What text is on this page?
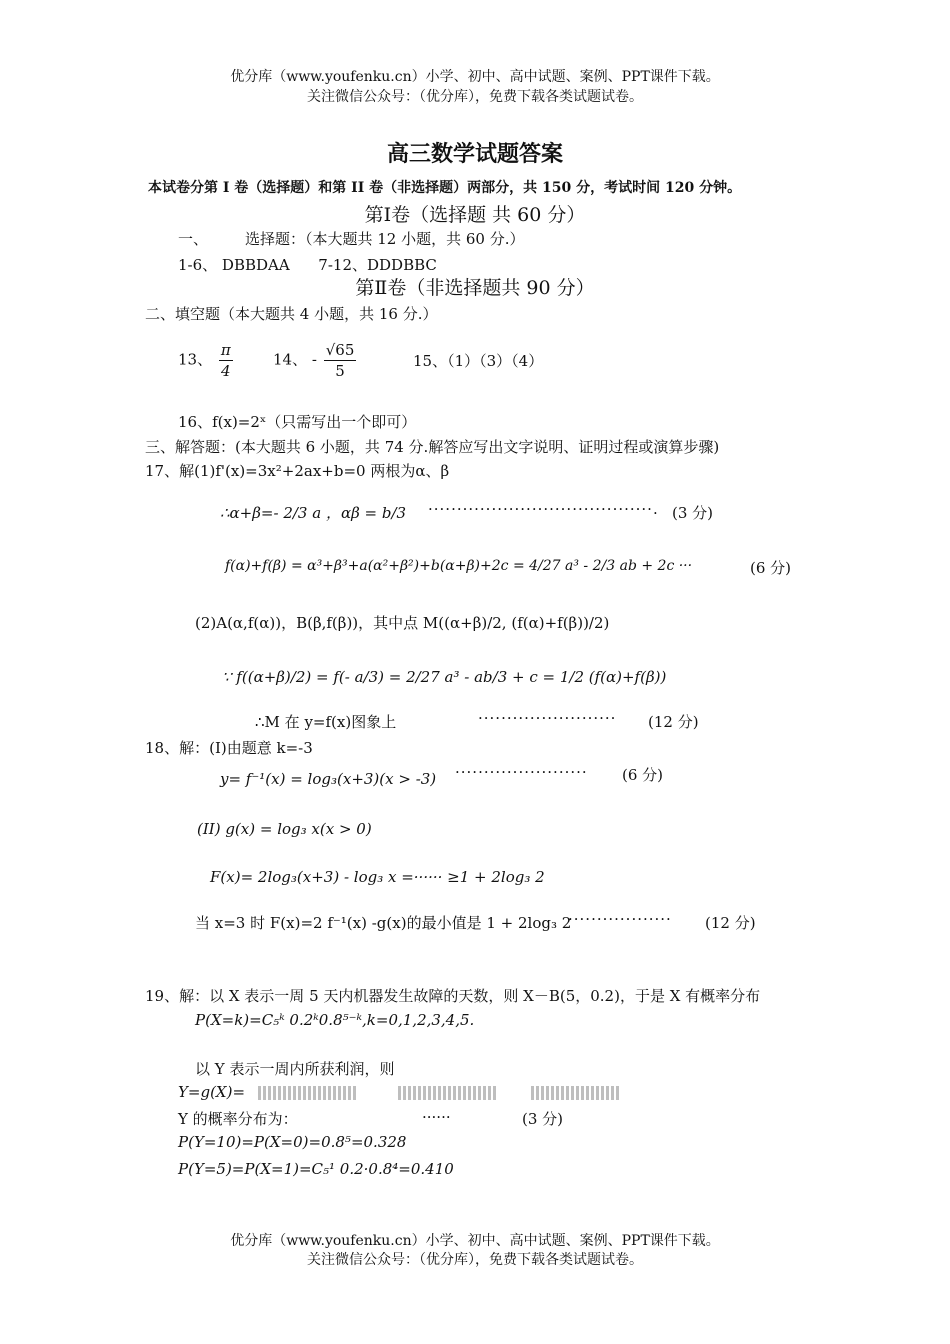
优分库（www.youfenku.cn）小学、初中、高中试题、案例、PPT课件下载。
关注微信公众号：（优分库），免费下载各类试题试卷。
高三数学试题答案
本试卷分第 I 卷（选择题）和第 II 卷（非选择题）两部分，共 150 分，考试时间 120 分钟。
第Ⅰ卷（选择题 共 60 分）
一、 选择题：（本大题共 12 小题，共 60 分.）
1-6、 DBBDAA      7-12、DDDBBC
第Ⅱ卷（非选择题共 90 分）
二、填空题（本大题共 4 小题，共 16 分.）
13、 $\frac{\pi}{4}$	14、 - $\frac{√65}{5}$	15、（1）（3）（4）
16、f(x)=2ˣ（只需写出一个即可）
三、解答题：(本大题共 6 小题，共 74 分.解答应写出文字说明、证明过程或演算步骤)
17、解(1)f'(x)=3x²+2ax+b=0 两根为α、β
∴α+β=- 2/3 a ，αβ = b/3 ·······································. (3 分)
f(α)+f(β) = α³+β³+a(α²+β²)+b(α+β)+2c = 4/27 a³ - 2/3 ab + 2c ···	(6 分)
(2)A(α,f(α))，B(β,f(β))，其中点 M((α+β)/2, (f(α)+f(β))/2)
∵ f((α+β)/2) = f(- a/3) = 2/27 a³ - ab/3 + c = 1/2 (f(α)+f(β))
∴M 在 y=f(x)图象上	························ (12 分)
18、解：(I)由题意 k=-3
y= f⁻¹(x) = log₃(x+3)(x > -3) ······················· (6 分)
(II) g(x) = log₃ x(x > 0)
F(x)= 2log₃(x+3) - log₃ x =······ ≥1 + 2log₃ 2
当 x=3 时 F(x)=2 f⁻¹(x) -g(x)的最小值是 1 + 2log₃ 2
·················· (12 分)
19、解：以 X 表示一周 5 天内机器发生故障的天数，则 X－B(5，0.2)，于是 X 有概率分布
P(X=k)=C₅ᵏ 0.2ᵏ0.8⁵⁻ᵏ,k=0,1,2,3,4,5.
以 Y 表示一周内所获利润，则
Y=g(X)=

Y 的概率分布为：	······	(3 分)
P(Y=10)=P(X=0)=0.8⁵=0.328
P(Y=5)=P(X=1)=C₅¹ 0.2·0.8⁴=0.410
优分库（www.youfenku.cn）小学、初中、高中试题、案例、PPT课件下载。
关注微信公众号：（优分库），免费下载各类试题试卷。
